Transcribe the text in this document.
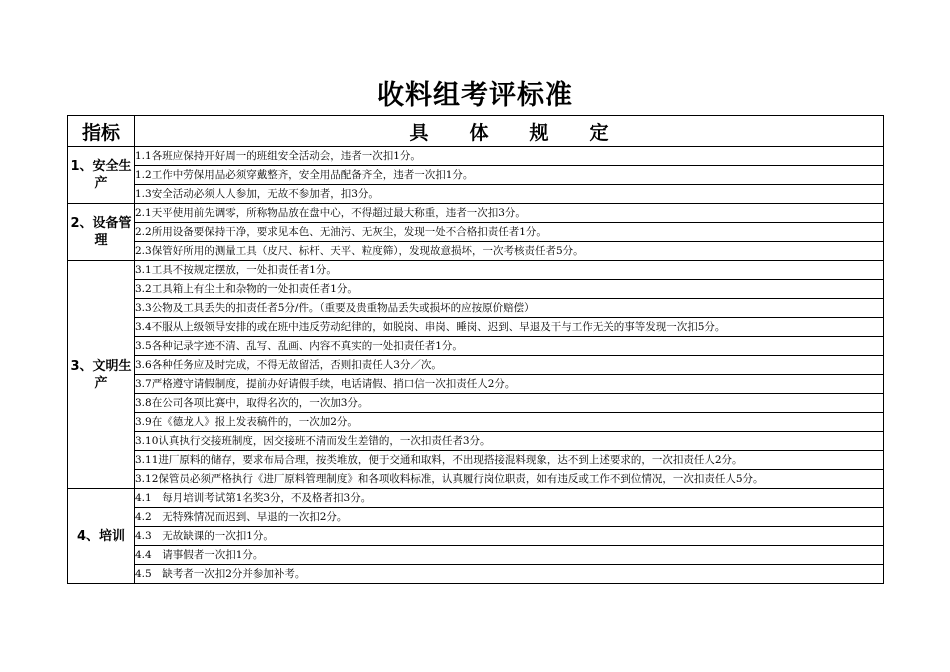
收料组考评标准
指标	具 体 规 定
1、安全生产	1.1各班应保持开好周一的班组安全活动会，违者一次扣1分。
	1.2工作中劳保用品必须穿戴整齐，安全用品配备齐全，违者一次扣1分。
	1.3安全活动必须人人参加，无故不参加者，扣3分。
2、设备管理	2.1天平使用前先调零，所称物品放在盘中心，不得超过最大称重，违者一次扣3分。
	2.2所用设备要保持干净，要求见本色、无油污、无灰尘，发现一处不合格扣责任者1分。
	2.3保管好所用的测量工具（皮尺、标杆、天平、粒度筛），发现故意损坏，一次考核责任者5分。
3、文明生产	3.1工具不按规定摆放，一处扣责任者1分。
	3.2工具箱上有尘土和杂物的一处扣责任者1分。
	3.3公物及工具丢失的扣责任者5分/件。（重要及贵重物品丢失或损坏的应按原价赔偿）
	3.4不服从上级领导安排的或在班中违反劳动纪律的，如脱岗、串岗、睡岗、迟到、早退及干与工作无关的事等发现一次扣5分。
	3.5各种记录字迹不清、乱写、乱画、内容不真实的一处扣责任者1分。
	3.6各种任务应及时完成，不得无故留活，否则扣责任人3分／次。
	3.7严格遵守请假制度，提前办好请假手续，电话请假、捎口信一次扣责任人2分。
	3.8在公司各项比赛中，取得名次的，一次加3分。
	3.9在《德龙人》报上发表稿件的，一次加2分。
	3.10认真执行交接班制度，因交接班不清而发生差错的，一次扣责任者3分。
	3.11进厂原料的储存，要求布局合理，按类堆放，便于交通和取料，不出现搭接混料现象，达不到上述要求的，一次扣责任人2分。
	3.12保管员必须严格执行《进厂原料管理制度》和各项收料标准，认真履行岗位职责，如有违反或工作不到位情况，一次扣责任人5分。
4、培训	4.1　每月培训考试第1名奖3分，不及格者扣3分。
	4.2　无特殊情况而迟到、早退的一次扣2分。
	4.3　无故缺课的一次扣1分。
	4.4　请事假者一次扣1分。
	4.5　缺考者一次扣2分并参加补考。
